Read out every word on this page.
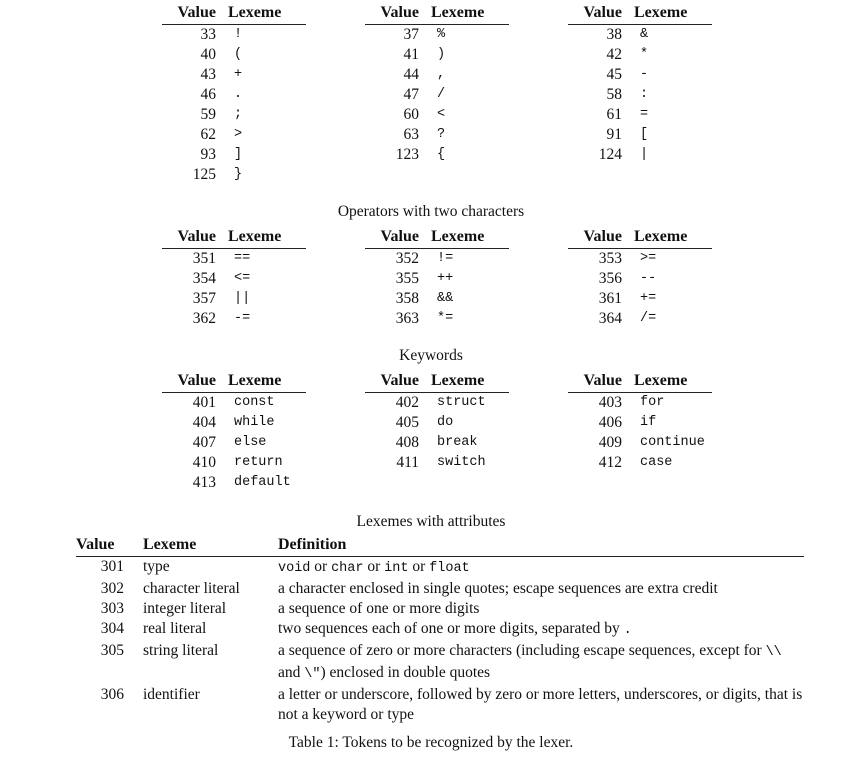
Value	Lexeme
33	!
40	(
43	+
46	.
59	;
62	>
93	]
125	}
Value	Lexeme
37	%
41	)
44	,
47	/
60	<
63	?
123	{
Value	Lexeme
38	&
42	*
45	-
58	:
61	=
91	[
124	|
Operators with two characters
Value	Lexeme
351	==
354	<=
357	||
362	-=
Value	Lexeme
352	!=
355	++
358	&&
363	*=
Value	Lexeme
353	>=
356	--
361	+=
364	/=
Keywords
Value	Lexeme
401	const
404	while
407	else
410	return
413	default
Value	Lexeme
402	struct
405	do
408	break
411	switch
Value	Lexeme
403	for
406	if
409	continue
412	case
Lexemes with attributes
Value	Lexeme	Definition
301	type	void or char or int or float
302	character literal	a character enclosed in single quotes; escape sequences are extra credit
303	integer literal	a sequence of one or more digits
304	real literal	two sequences each of one or more digits, separated by .
305	string literal	a sequence of zero or more characters (including escape sequences, except for \\ and \") enclosed in double quotes
306	identifier	a letter or underscore, followed by zero or more letters, underscores, or digits, that is not a keyword or type
Table 1: Tokens to be recognized by the lexer.
